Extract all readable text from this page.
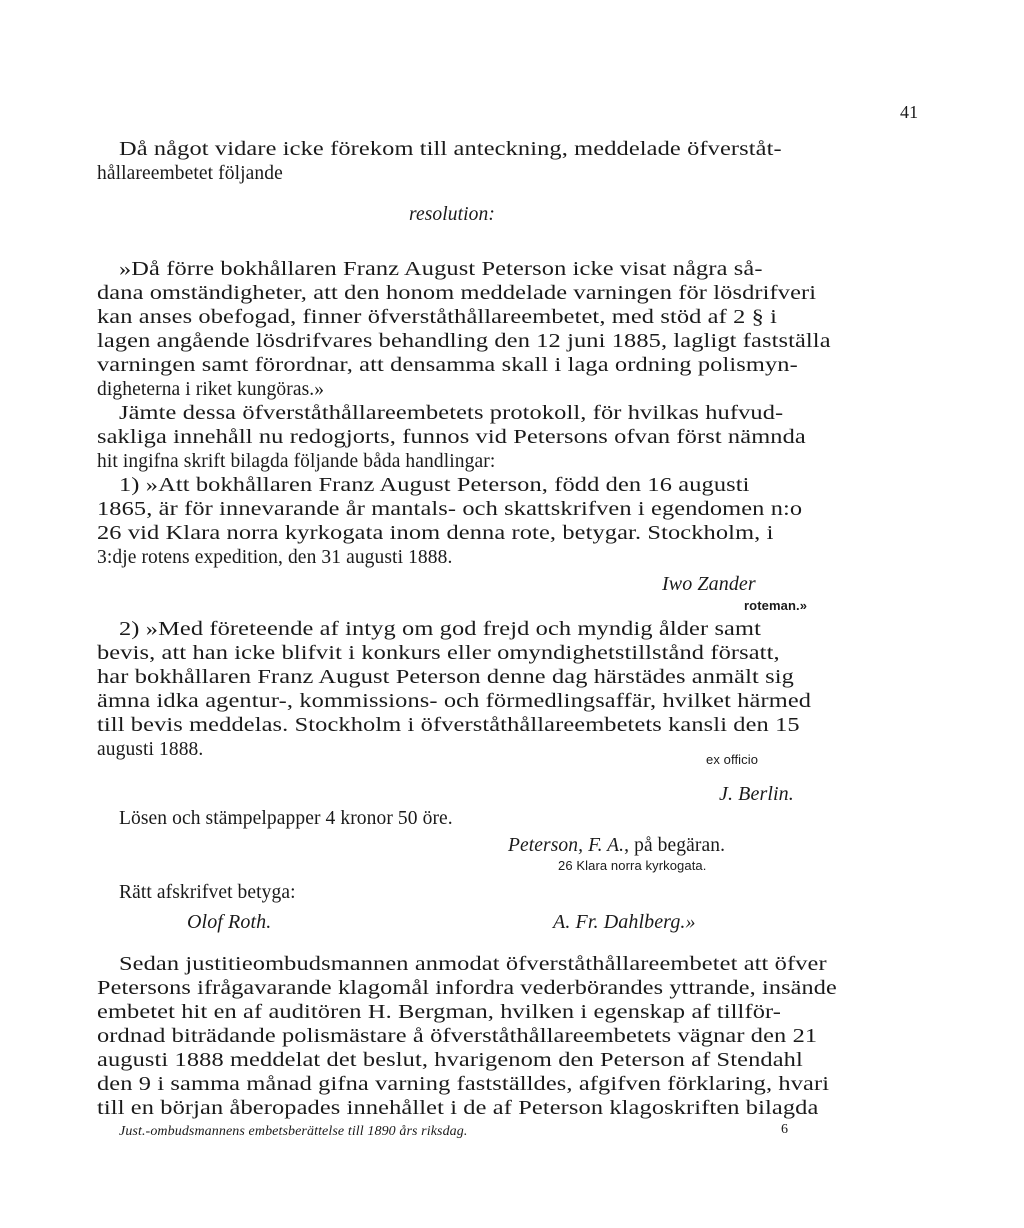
41
Då något vidare icke förekom till anteckning, meddelade öfverståt-
hållareembetet följande
resolution:
»Då förre bokhållaren Franz August Peterson icke visat några så-
dana omständigheter, att den honom meddelade varningen för lösdrifveri
kan anses obefogad, finner öfverståthållareembetet, med stöd af 2 § i
lagen angående lösdrifvares behandling den 12 juni 1885, lagligt fastställa
varningen samt förordnar, att densamma skall i laga ordning polismyn-
digheterna i riket kungöras.»
Jämte dessa öfverståthållareembetets protokoll, för hvilkas hufvud-
sakliga innehåll nu redogjorts, funnos vid Petersons ofvan först nämnda
hit ingifna skrift bilagda följande båda handlingar:
1) »Att bokhållaren Franz August Peterson, född den 16 augusti
1865, är för innevarande år mantals- och skattskrifven i egendomen n:o
26 vid Klara norra kyrkogata inom denna rote, betygar. Stockholm, i
3:dje rotens expedition, den 31 augusti 1888.
Iwo Zander
roteman.»
2) »Med företeende af intyg om god frejd och myndig ålder samt
bevis, att han icke blifvit i konkurs eller omyndighetstillstånd försatt,
har bokhållaren Franz August Peterson denne dag härstädes anmält sig
ämna idka agentur-, kommissions- och förmedlingsaffär, hvilket härmed
till bevis meddelas. Stockholm i öfverståthållareembetets kansli den 15
augusti 1888.	ex officio
J. Berlin.
Lösen och stämpelpapper 4 kronor 50 öre.
Peterson, F. A., på begäran.
26 Klara norra kyrkogata.
Rätt afskrifvet betyga:
Olof Roth.	A. Fr. Dahlberg.»
Sedan justitieombudsmannen anmodat öfverståthållareembetet att öfver
Petersons ifrågavarande klagomål infordra vederbörandes yttrande, insände
embetet hit en af auditören H. Bergman, hvilken i egenskap af tillför-
ordnad biträdande polismästare å öfverståthållareembetets vägnar den 21
augusti 1888 meddelat det beslut, hvarigenom den Peterson af Stendahl
den 9 i samma månad gifna varning fastställdes, afgifven förklaring, hvari
till en början åberopades innehållet i de af Peterson klagoskriften bilagda
Just.-ombudsmannens embetsberättelse till 1890 års riksdag.	6
